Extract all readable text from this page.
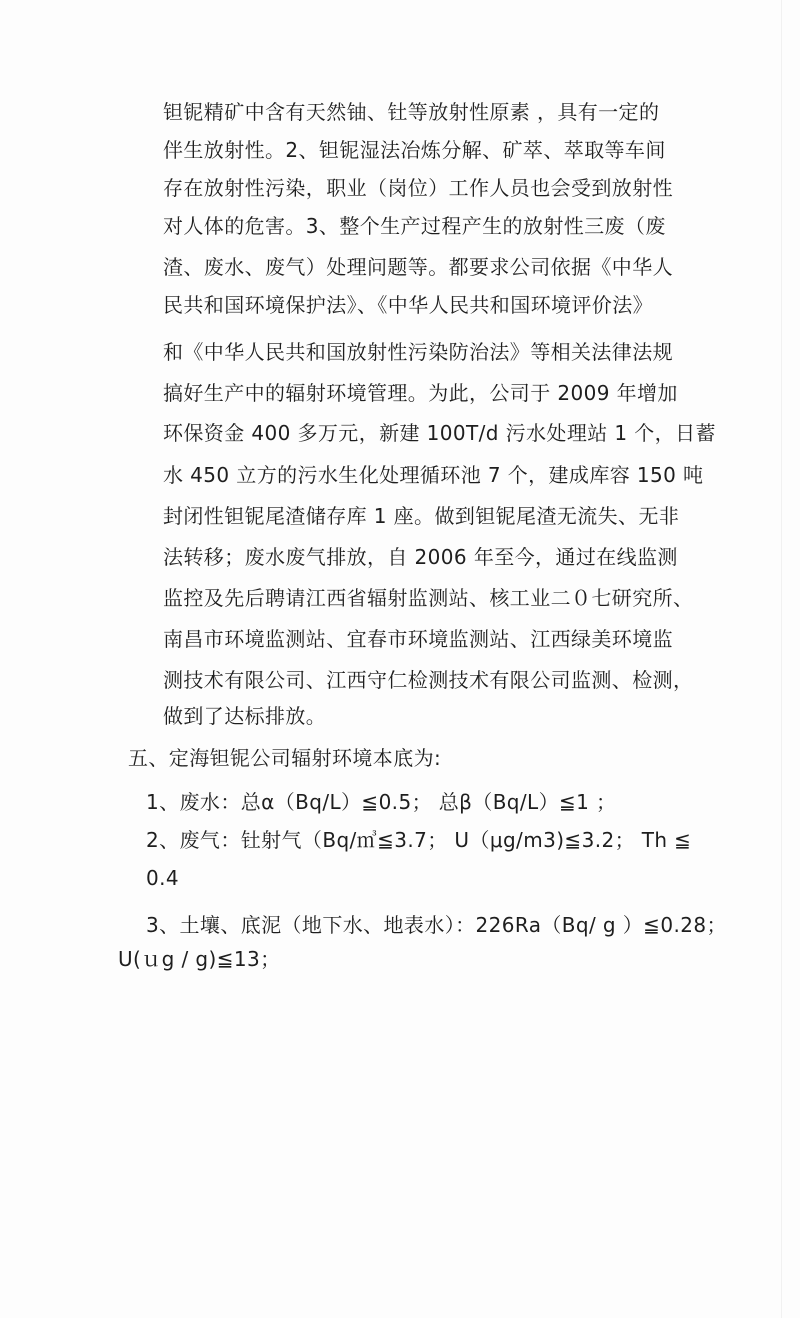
钽铌精矿中含有天然铀、钍等放射性原素 ，具有一定的
伴生放射性。2、钽铌湿法冶炼分解、矿萃、萃取等车间
存在放射性污染，职业（岗位）工作人员也会受到放射性
对人体的危害。3、整个生产过程产生的放射性三废（废
渣、废水、废气）处理问题等。都要求公司依据《中华人
民共和国环境保护法》、《中华人民共和国环境评价法》
和《中华人民共和国放射性污染防治法》等相关法律法规
搞好生产中的辐射环境管理。为此，公司于 2009 年增加
环保资金 400 多万元，新建 100T/d 污水处理站 1 个，日蓄
水 450 立方的污水生化处理循环池 7 个，建成库容 150 吨
封闭性钽铌尾渣储存库 1 座。做到钽铌尾渣无流失、无非
法转移；废水废气排放，自 2006 年至今，通过在线监测
监控及先后聘请江西省辐射监测站、核工业二０七研究所、
南昌市环境监测站、宜春市环境监测站、江西绿美环境监
测技术有限公司、江西守仁检测技术有限公司监测、检测，
做到了达标排放。
五、定海钽铌公司辐射环境本底为:
1、废水：总α（Bq/L）≦0.5； 总β（Bq/L）≦1 ；
2、废气：钍射气（Bq/㎥≦3.7； U（μg/m3)≦3.2； Th ≦
0.4
3、土壤、底泥（地下水、地表水）：226Ra（Bq/ g ）≦0.28；
U(ｕg / g)≦13；
